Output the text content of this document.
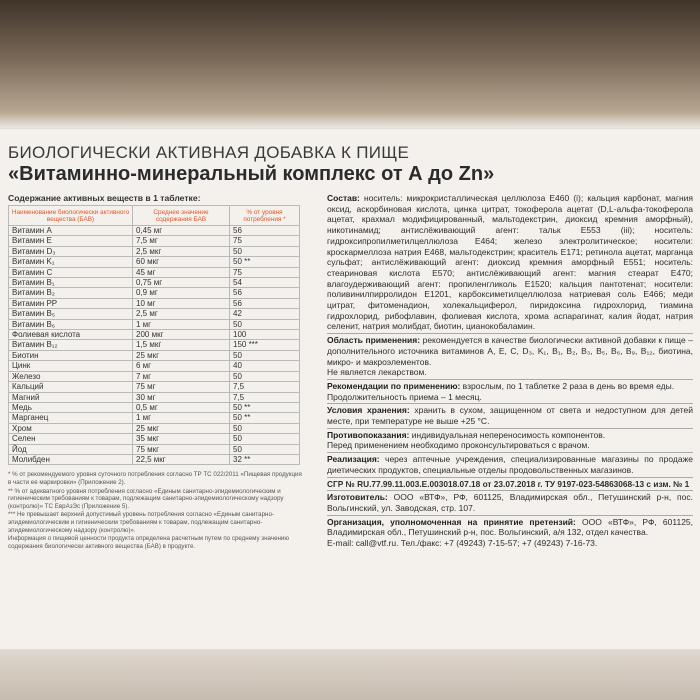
БИОЛОГИЧЕСКИ АКТИВНАЯ ДОБАВКА К ПИЩЕ
«Витаминно-минеральный комплекс от А до Zn»
Содержание активных веществ в 1 таблетке:
Наименование биологически активного вещества (БАВ)	Среднее значение содержания БАВ	% от уровня потребления *
Витамин А	0,45 мг	56
Витамин Е	7,5 мг	75
Витамин D₃	2,5 мкг	50
Витамин K₁	60 мкг	50 **
Витамин С	45 мг	75
Витамин В₁	0,75 мг	54
Витамин В₂	0,9 мг	56
Витамин PP	10 мг	56
Витамин В₅	2,5 мг	42
Витамин В₆	1 мг	50
Фолиевая кислота	200 мкг	100
Витамин В₁₂	1,5 мкг	150 ***
Биотин	25 мкг	50
Цинк	6 мг	40
Железо	7 мг	50
Кальций	75 мг	7,5
Магний	30 мг	7,5
Медь	0,5 мг	50 **
Марганец	1 мг	50 **
Хром	25 мкг	50
Селен	35 мкг	50
Йод	75 мкг	50
Молибден	22,5 мкг	32 **

* % от рекомендуемого уровня суточного потребления согласно ТР ТС 022/2011 «Пищевая продукция в части ее маркировки» (Приложение 2).

** % от адекватного уровня потребления согласно «Единым санитарно-эпидемиологическим и гигиеническим требованиям к товарам, подлежащим санитарно-эпидемиологическому надзору (контролю)» ТС ЕврАзЭс (Приложение 5).

*** Не превышает верхний допустимый уровень потребления согласно «Единым санитарно-эпидемиологическим и гигиеническим требованиям к товарам, подлежащим санитарно-эпидемиологическому надзору (контролю)».

Информация о пищевой ценности продукта определена расчетным путем по среднему значению содержания биологически активного вещества (БАВ) в продукте.

Состав: носитель: микрокристаллическая целлюлоза Е460 (i); кальция карбонат, магния оксид, аскорбиновая кислота, цинка цитрат, токоферола ацетат (D,L-альфа-токоферола ацетат, крахмал модифицированный, мальтодекстрин, диоксид кремния аморфный), никотинамид; антислёживающий агент: тальк Е553 (iii); носитель: гидроксипропилметилцеллюлоза Е464; железо электролитическое; носители: кроскармеллоза натрия Е468, мальтодекстрин; краситель Е171; ретинола ацетат, марганца сульфат; антислёживающий агент: диоксид кремния аморфный Е551; носитель: стеариновая кислота Е570; антислёживающий агент: магния стеарат Е470; влагоудерживающий агент: пропиленгликоль Е1520; кальция пантотенат; носители: поливинилпирролидон Е1201, карбоксиметилцеллюлоза натриевая соль Е466; меди цитрат, фитоменадион, холекальциферол, пиридоксина гидрохлорид, тиамина гидрохлорид, рибофлавин, фолиевая кислота, хрома аспарагинат, калия йодат, натрия селенит, натрия молибдат, биотин, цианокобаламин.

Область применения: рекомендуется в качестве биологически активной добавки к пище – дополнительного источника витаминов А, Е, С, D₃, K₁, В₁, В₂, В₃, В₅, В₆, В₉, В₁₂, биотина, микро- и макроэлементов.

Не является лекарством.

Рекомендации по применению: взрослым, по 1 таблетке 2 раза в день во время еды.

Продолжительность приема – 1 месяц.

Условия хранения: хранить в сухом, защищенном от света и недоступном для детей месте, при температуре не выше +25 °С.

Противопоказания: индивидуальная непереносимость компонентов.

Перед применением необходимо проконсультироваться с врачом.

Реализация: через аптечные учреждения, специализированные магазины по продаже диетических продуктов, специальные отделы продовольственных магазинов.

СГР № RU.77.99.11.003.Е.003018.07.18 от 23.07.2018 г. ТУ 9197-023-54863068-13 с изм. № 1

Изготовитель: ООО «ВТФ», РФ, 601125, Владимирская обл., Петушинский р-н, пос. Вольгинский, ул. Заводская, стр. 107.

Организация, уполномоченная на принятие претензий: ООО «ВТФ», РФ, 601125, Владимирская обл., Петушинский р-н, пос. Вольгинский, а/я 132, отдел качества.

E-mail: call@vtf.ru. Тел./факс: +7 (49243) 7-15-57; +7 (49243) 7-16-73.
